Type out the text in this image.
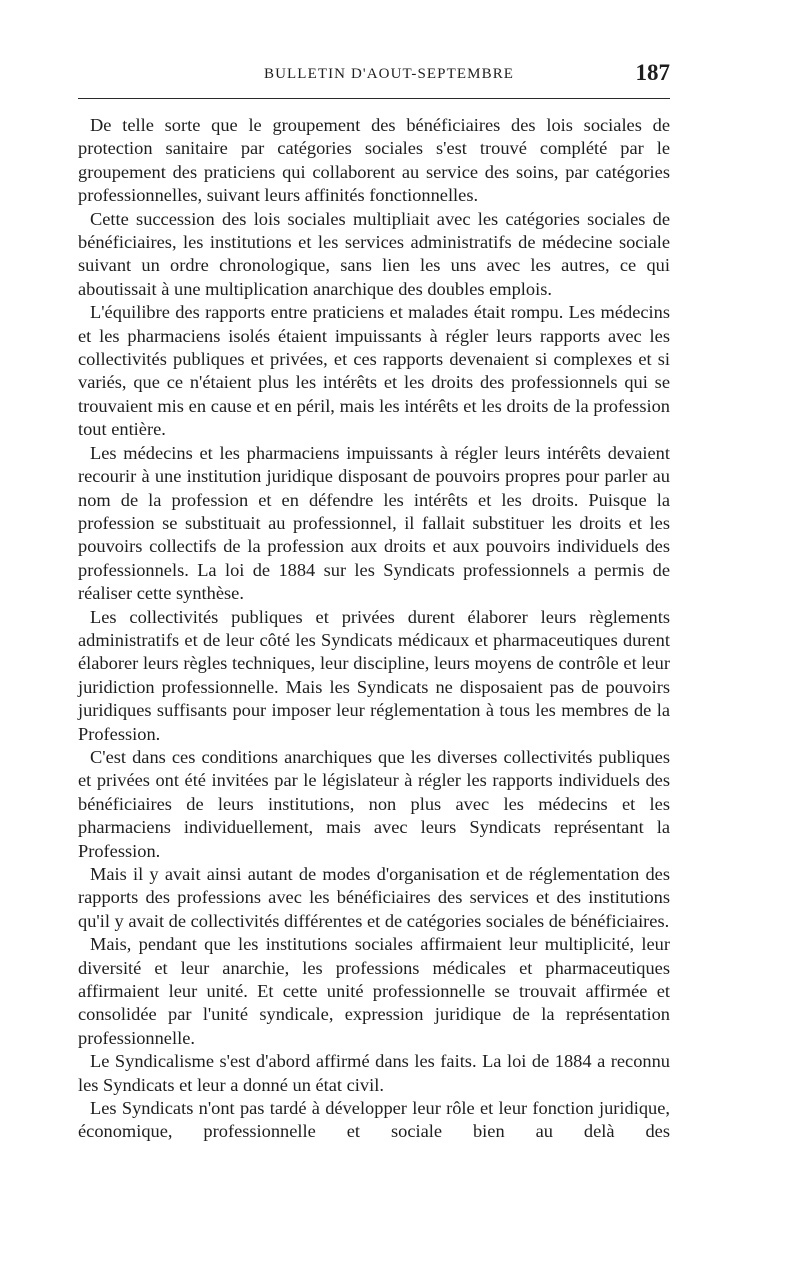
BULLETIN D'AOUT-SEPTEMBRE	187

De telle sorte que le groupement des bénéficiaires des lois sociales de protection sanitaire par catégories sociales s'est trouvé complété par le groupement des praticiens qui collaborent au service des soins, par catégories professionnelles, suivant leurs affinités fonctionnelles.

Cette succession des lois sociales multipliait avec les catégories sociales de bénéficiaires, les institutions et les services administratifs de médecine sociale suivant un ordre chronologique, sans lien les uns avec les autres, ce qui aboutissait à une multiplication anarchique des doubles emplois.

L'équilibre des rapports entre praticiens et malades était rompu. Les médecins et les pharmaciens isolés étaient impuissants à régler leurs rapports avec les collectivités publiques et privées, et ces rapports devenaient si complexes et si variés, que ce n'étaient plus les intérêts et les droits des professionnels qui se trouvaient mis en cause et en péril, mais les intérêts et les droits de la profession tout entière.

Les médecins et les pharmaciens impuissants à régler leurs intérêts devaient recourir à une institution juridique disposant de pouvoirs propres pour parler au nom de la profession et en défendre les intérêts et les droits. Puisque la profession se substituait au professionnel, il fallait substituer les droits et les pouvoirs collectifs de la profession aux droits et aux pouvoirs individuels des professionnels. La loi de 1884 sur les Syndicats professionnels a permis de réaliser cette synthèse.

Les collectivités publiques et privées durent élaborer leurs règlements administratifs et de leur côté les Syndicats médicaux et pharmaceutiques durent élaborer leurs règles techniques, leur discipline, leurs moyens de contrôle et leur juridiction professionnelle. Mais les Syndicats ne disposaient pas de pouvoirs juridiques suffisants pour imposer leur réglementation à tous les membres de la Profession.

C'est dans ces conditions anarchiques que les diverses collectivités publiques et privées ont été invitées par le législateur à régler les rapports individuels des bénéficiaires de leurs institutions, non plus avec les médecins et les pharmaciens individuellement, mais avec leurs Syndicats représentant la Profession.

Mais il y avait ainsi autant de modes d'organisation et de réglementation des rapports des professions avec les bénéficiaires des services et des institutions qu'il y avait de collectivités différentes et de catégories sociales de bénéficiaires.

Mais, pendant que les institutions sociales affirmaient leur multiplicité, leur diversité et leur anarchie, les professions médicales et pharmaceutiques affirmaient leur unité. Et cette unité professionnelle se trouvait affirmée et consolidée par l'unité syndicale, expression juridique de la représentation professionnelle.

Le Syndicalisme s'est d'abord affirmé dans les faits. La loi de 1884 a reconnu les Syndicats et leur a donné un état civil.

Les Syndicats n'ont pas tardé à développer leur rôle et leur fonction juridique, économique, professionnelle et sociale bien au delà des
